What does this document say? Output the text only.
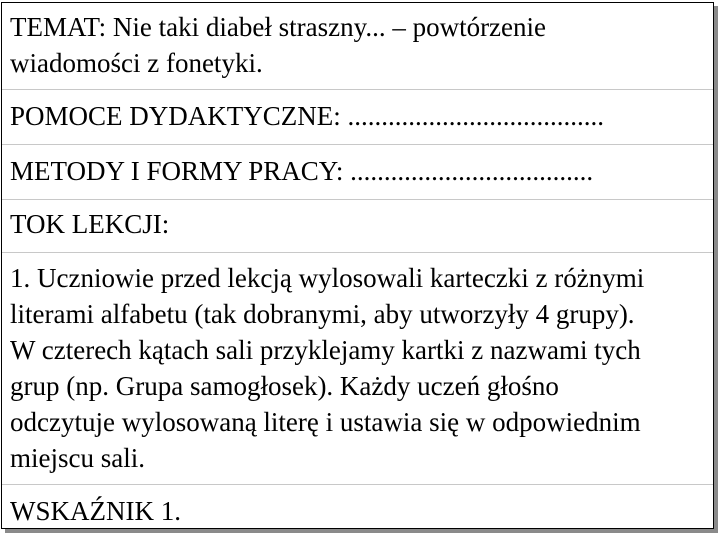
TEMAT: Nie taki diabeł straszny... – powtórzenie
wiadomości z fonetyki.
POMOCE DYDAKTYCZNE: ......................................
METODY I FORMY PRACY: ....................................
TOK LEKCJI:
1. Uczniowie przed lekcją wylosowali karteczki z różnymi
literami alfabetu (tak dobranymi, aby utworzyły 4 grupy).
W czterech kątach sali przyklejamy kartki z nazwami tych
grup (np. Grupa samogłosek). Każdy uczeń głośno
odczytuje wylosowaną literę i ustawia się w odpowiednim
miejscu sali.
WSKAŹNIK 1.
